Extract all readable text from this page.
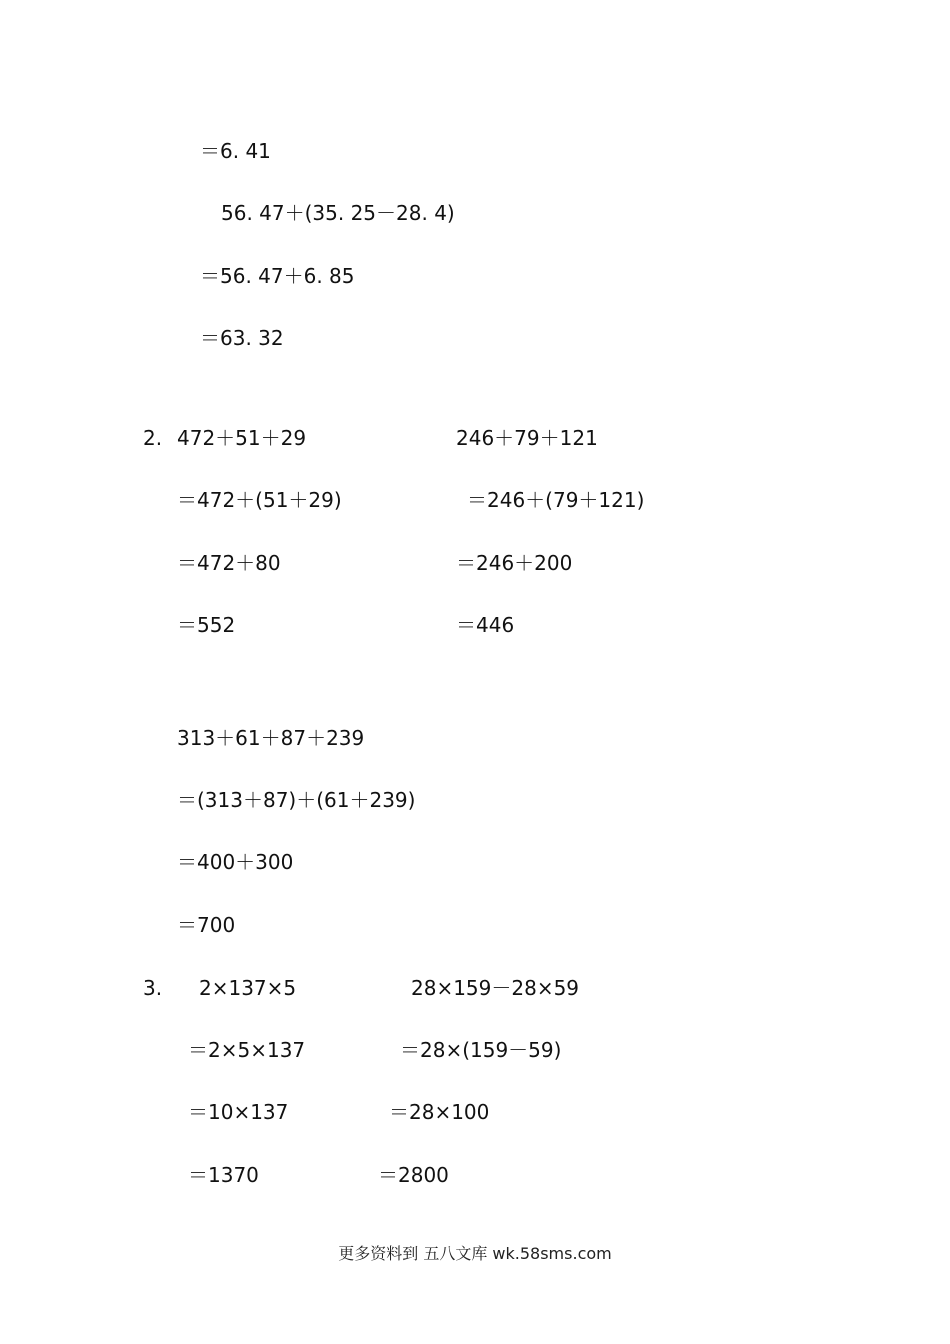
＝6. 41
56. 47＋(35. 25－28. 4)
＝56. 47＋6. 85
＝63. 32
2. 472＋51＋29
＝472＋(51＋29)
＝472＋80
＝552
246＋79＋121
＝246＋(79＋121)
＝246＋200
＝446
313＋61＋87＋239
＝(313＋87)＋(61＋239)
＝400＋300
＝700
3. 2×137×5
＝2×5×137
＝10×137
＝1370
28×159－28×59
＝28×(159－59)
＝28×100
＝2800
更多资料到 五八文库 wk.58sms.com
